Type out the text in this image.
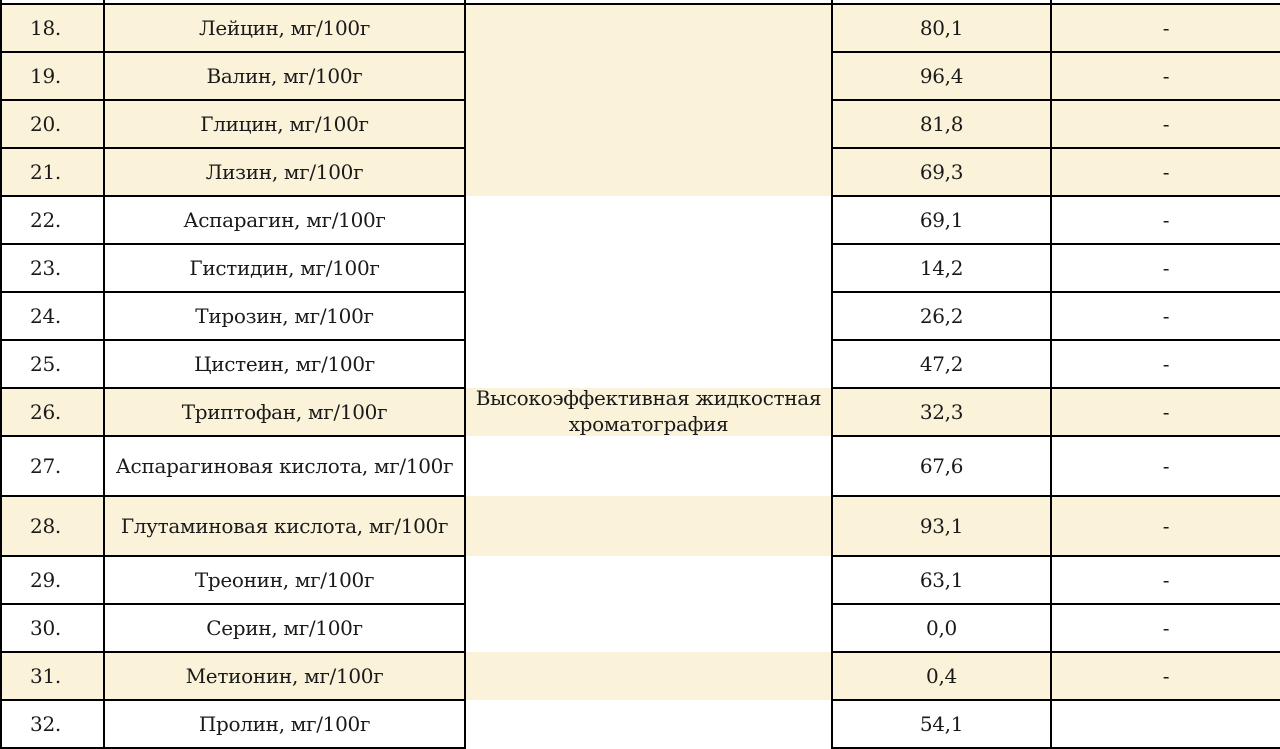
18.	Лейцин, мг/100г	Высокоэффективная жидкостная хроматография	80,1	-
19.	Валин, мг/100г		96,4	-
20.	Глицин, мг/100г		81,8	-
21.	Лизин, мг/100г		69,3	-
22.	Аспарагин, мг/100г		69,1	-
23.	Гистидин, мг/100г		14,2	-
24.	Тирозин, мг/100г		26,2	-
25.	Цистеин, мг/100г		47,2	-
26.	Триптофан, мг/100г		32,3	-
27.	Аспарагиновая кислота, мг/100г		67,6	-
28.	Глутаминовая кислота, мг/100г		93,1	-
29.	Треонин, мг/100г		63,1	-
30.	Серин, мг/100г		0,0	-
31.	Метионин, мг/100г		0,4	-
32.	Пролин, мг/100г		54,1	
